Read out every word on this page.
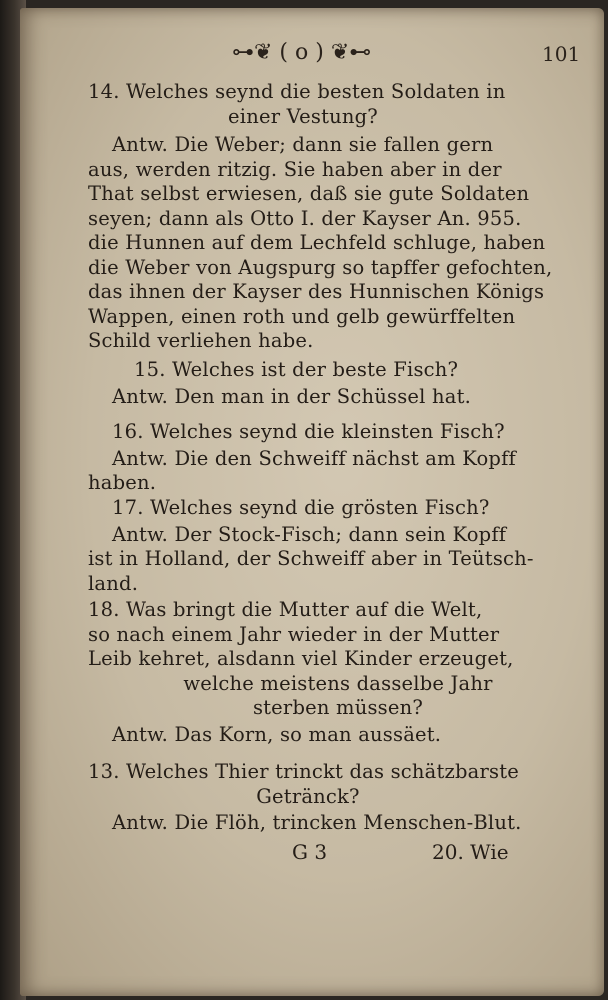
⊶❦ ( o ) ❦⊷	101
14. Welches seynd die besten Soldaten in
einer Vestung?
Antw. Die Weber; dann sie fallen gern
aus, werden ritzig. Sie haben aber in der
That selbst erwiesen, daß sie gute Soldaten
seyen; dann als Otto I. der Kayser An. 955.
die Hunnen auf dem Lechfeld schluge, haben
die Weber von Augspurg so tapffer gefochten,
das ihnen der Kayser des Hunnischen Königs
Wappen, einen roth und gelb gewürffelten
Schild verliehen habe.
15. Welches ist der beste Fisch?
Antw. Den man in der Schüssel hat.
16. Welches seynd die kleinsten Fisch?
Antw. Die den Schweiff nächst am Kopff
haben.
17. Welches seynd die grösten Fisch?
Antw. Der Stock-Fisch; dann sein Kopff
ist in Holland, der Schweiff aber in Teütsch-
land.
18. Was bringt die Mutter auf die Welt,
so nach einem Jahr wieder in der Mutter
Leib kehret, alsdann viel Kinder erzeuget,
welche meistens dasselbe Jahr
sterben müssen?
Antw. Das Korn, so man aussäet.
13. Welches Thier trinckt das schätzbarste
Getränck?
Antw. Die Flöh, trincken Menschen-Blut.
G 3	20. Wie
